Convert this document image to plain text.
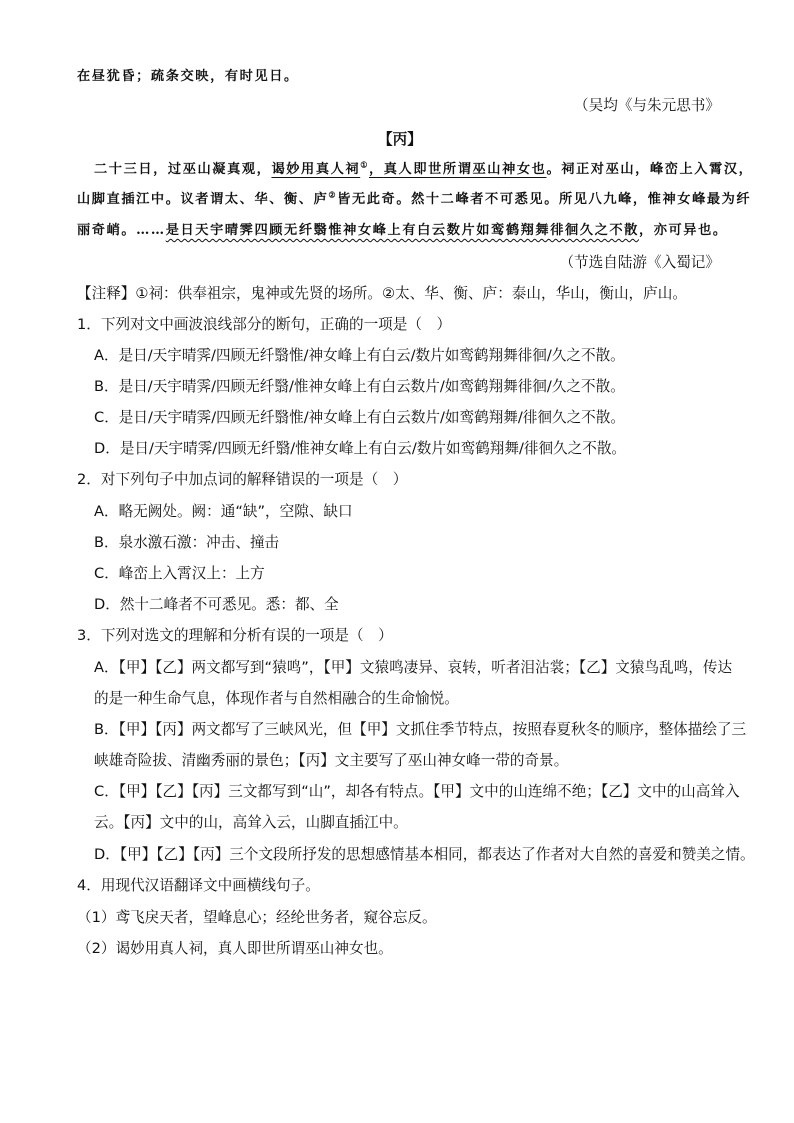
在昼犹昏；疏条交映，有时见日。
（吴均《与朱元思书》
【丙】
二十三日，过巫山凝真观，谒妙用真人祠①，真人即世所谓巫山神女也。祠正对巫山，峰峦上入霄汉，
山脚直插江中。议者谓太、华、衡、庐②皆无此奇。然十二峰者不可悉见。所见八九峰，惟神女峰最为纤
丽奇峭。……是日天宇晴霁四顾无纤翳惟神女峰上有白云数片如鸾鹤翔舞徘徊久之不散，亦可异也。
（节选自陆游《入蜀记》
【注释】①祠：供奉祖宗，鬼神或先贤的场所。②太、华、衡、庐：泰山，华山，衡山，庐山。
1．下列对文中画波浪线部分的断句，正确的一项是（　）
A．是日/天宇晴霁/四顾无纤翳惟/神女峰上有白云/数片如鸾鹤翔舞徘徊/久之不散。
B．是日/天宇晴霁/四顾无纤翳/惟神女峰上有白云数片/如鸾鹤翔舞徘徊/久之不散。
C．是日/天宇晴霁/四顾无纤翳惟/神女峰上有白云数片/如鸾鹤翔舞/徘徊久之不散。
D．是日/天宇晴霁/四顾无纤翳/惟神女峰上有白云/数片如鸾鹤翔舞/徘徊久之不散。
2．对下列句子中加点词的解释错误的一项是（　）
A．略无阙处。阙：通“缺”，空隙、缺口
B．泉水激石激：冲击、撞击
C．峰峦上入霄汉上：上方
D．然十二峰者不可悉见。悉：都、全
3．下列对选文的理解和分析有误的一项是（　）
A．【甲】【乙】两文都写到“猿鸣”，【甲】文猿鸣凄异、哀转，听者泪沾裳；【乙】文猿鸟乱鸣，传达
的是一种生命气息，体现作者与自然相融合的生命愉悦。
B．【甲】【丙】两文都写了三峡风光，但【甲】文抓住季节特点，按照春夏秋冬的顺序，整体描绘了三
峡雄奇险拔、清幽秀丽的景色；【丙】文主要写了巫山神女峰一带的奇景。
C．【甲】【乙】【丙】三文都写到“山”，却各有特点。【甲】文中的山连绵不绝；【乙】文中的山高耸入
云。【丙】文中的山，高耸入云，山脚直插江中。
D．【甲】【乙】【丙】三个文段所抒发的思想感情基本相同，都表达了作者对大自然的喜爱和赞美之情。
4．用现代汉语翻译文中画横线句子。
（1）鸢飞戾天者，望峰息心；经纶世务者，窥谷忘反。
（2）谒妙用真人祠，真人即世所谓巫山神女也。
